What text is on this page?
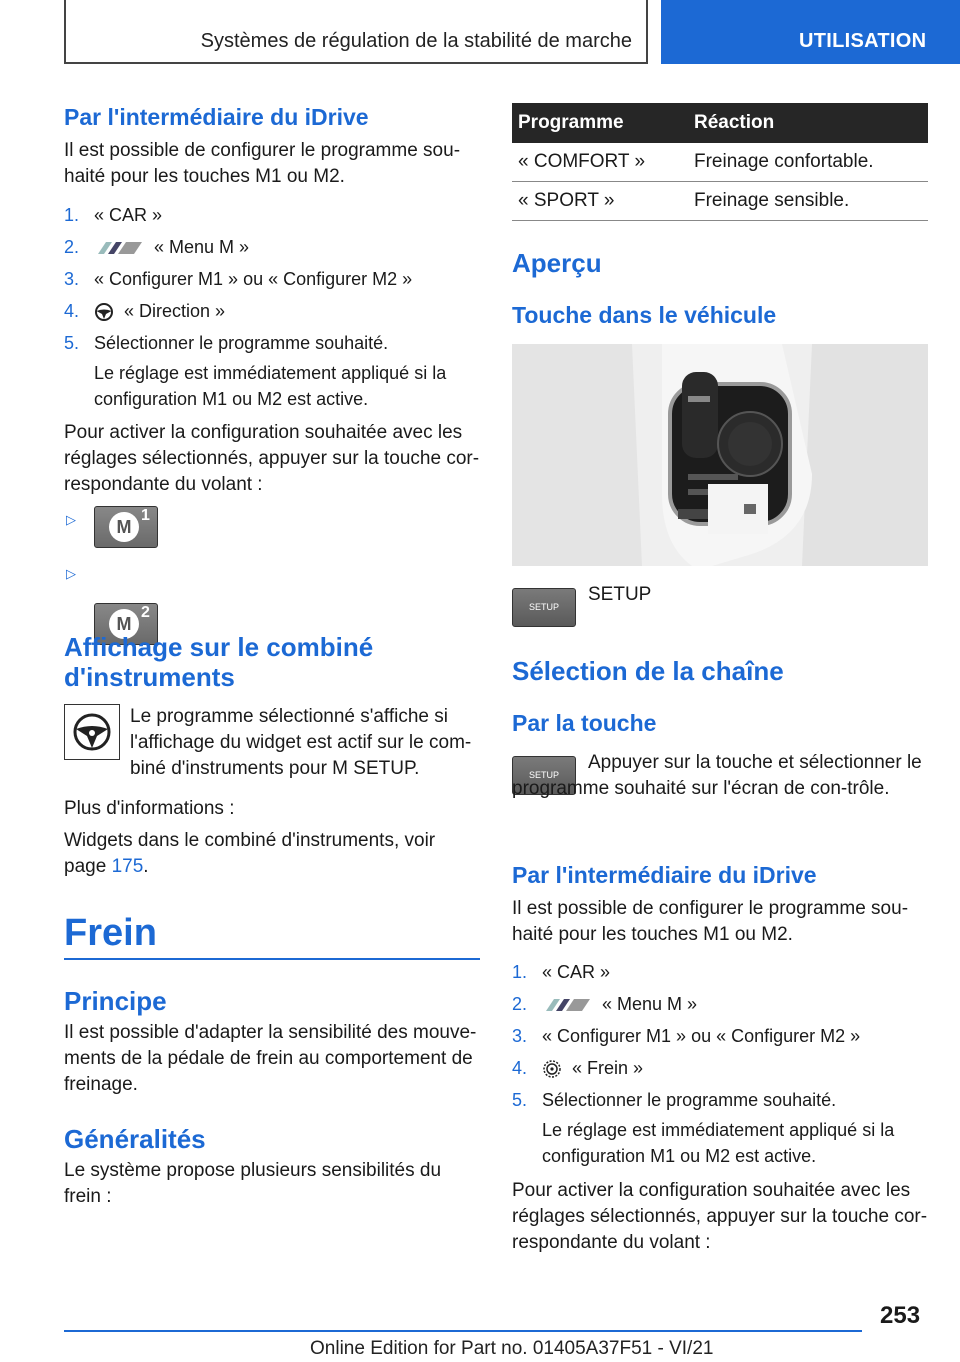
Systèmes de régulation de la stabilité de marche	UTILISATION
Par l'intermédiaire du iDrive

Il est possible de configurer le programme sou-haité pour les touches M1 ou M2.

1. « CAR »
2.	« Menu M »
3. « Configurer M1 » ou « Configurer M2 »
4. « Direction »
5. Sélectionner le programme souhaité.
Le réglage est immédiatement appliqué si la configuration M1 ou M2 est active.

Pour activer la configuration souhaitée avec les réglages sélectionnés, appuyer sur la touche cor-respondante du volant :

▷	M
1
▷
M
2
Affichage sur le combiné d'instruments

Le programme sélectionné s'affiche si l'affichage du widget est actif sur le com-biné d'instruments pour M SETUP.

Plus d'informations :

Widgets dans le combiné d'instruments, voir page 175.

Frein
Principe

Il est possible d'adapter la sensibilité des mouve-ments de la pédale de frein au comportement de freinage.

Généralités

Le système propose plusieurs sensibilités du frein :

Programme	Réaction
« COMFORT »	Freinage confortable.
« SPORT »	Freinage sensible.
Aperçu
Touche dans le véhicule
SETUP
SETUP
Sélection de la chaîne
Par la touche
SETUP

Appuyer sur la touche et sélectionner le programme souhaité sur l'écran de con-trôle.

Par l'intermédiaire du iDrive

Il est possible de configurer le programme sou-haité pour les touches M1 ou M2.

1. « CAR »
2.	« Menu M »
3. « Configurer M1 » ou « Configurer M2 »
4. « Frein »
5. Sélectionner le programme souhaité.
Le réglage est immédiatement appliqué si la configuration M1 ou M2 est active.

Pour activer la configuration souhaitée avec les réglages sélectionnés, appuyer sur la touche cor-respondante du volant :

253
Online Edition for Part no. 01405A37F51 - VI/21
